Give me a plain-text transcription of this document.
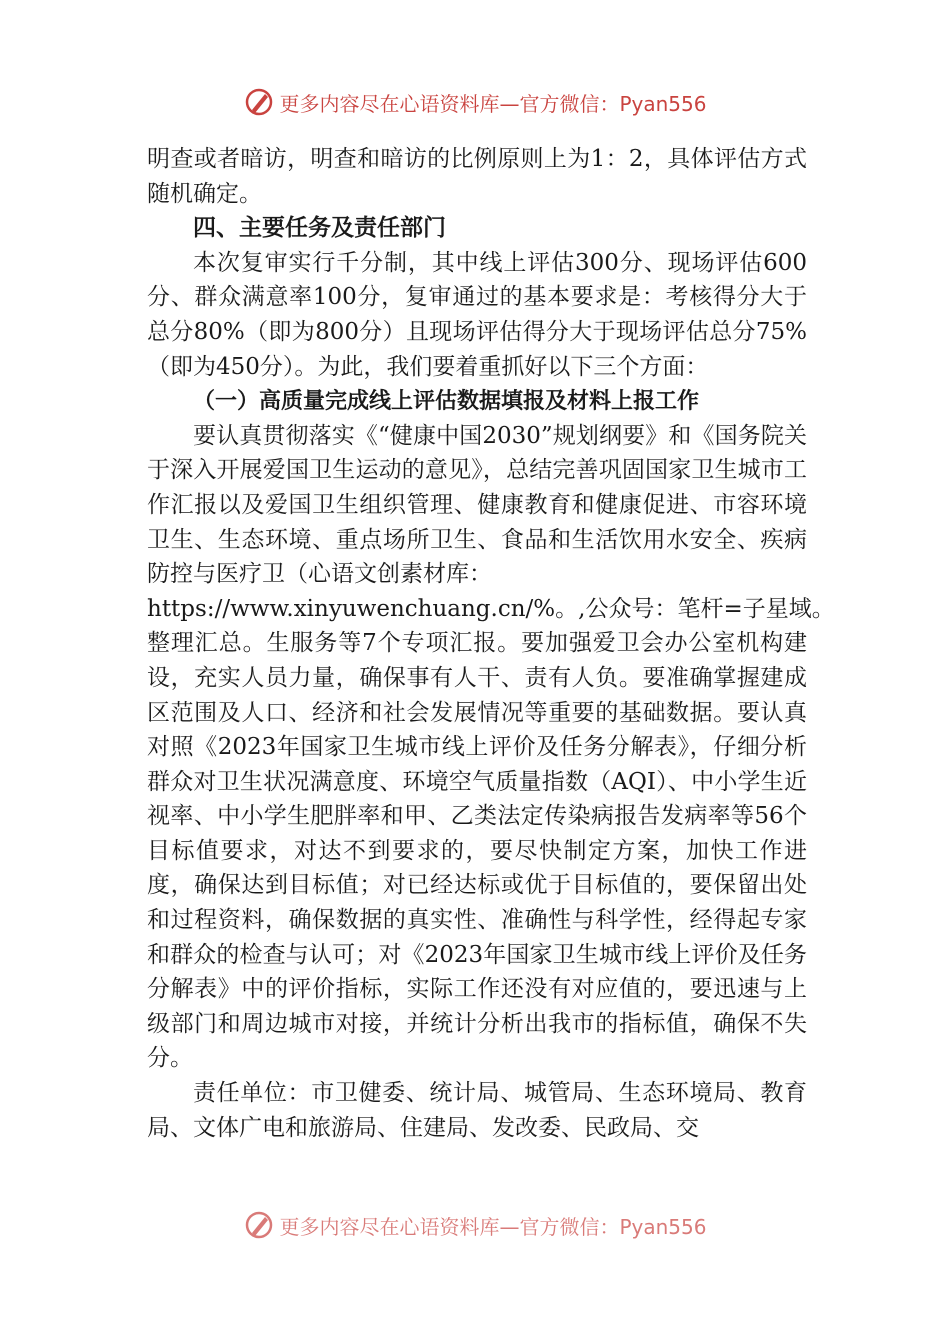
更多内容尽在心语资料库—官方微信：Pyan556

明查或者暗访，明查和暗访的比例原则上为1：2，具体评估方式随机确定。

四、主要任务及责任部门

本次复审实行千分制，其中线上评估300分、现场评估600分、群众满意率100分，复审通过的基本要求是：考核得分大于总分80%（即为800分）且现场评估得分大于现场评估总分75%（即为450分）。为此，我们要着重抓好以下三个方面：

（一）高质量完成线上评估数据填报及材料上报工作

要认真贯彻落实《“健康中国2030”规划纲要》和《国务院关于深入开展爱国卫生运动的意见》，总结完善巩固国家卫生城市工作汇报以及爱国卫生组织管理、健康教育和健康促进、市容环境卫生、生态环境、重点场所卫生、食品和生活饮用水安全、疾病防控与医疗卫（心语文创素材库：

https://www.xinyuwenchuang.cn/%。,公众号：笔杆=子星域。

整理汇总。生服务等7个专项汇报。要加强爱卫会办公室机构建设，充实人员力量，确保事有人干、责有人负。要准确掌握建成区范围及人口、经济和社会发展情况等重要的基础数据。要认真对照《2023年国家卫生城市线上评价及任务分解表》，仔细分析群众对卫生状况满意度、环境空气质量指数（AQI）、中小学生近视率、中小学生肥胖率和甲、乙类法定传染病报告发病率等56个目标值要求，对达不到要求的，要尽快制定方案，加快工作进度，确保达到目标值；对已经达标或优于目标值的，要保留出处和过程资料，确保数据的真实性、准确性与科学性，经得起专家和群众的检查与认可；对《2023年国家卫生城市线上评价及任务分解表》中的评价指标，实际工作还没有对应值的，要迅速与上级部门和周边城市对接，并统计分析出我市的指标值，确保不失分。

责任单位：市卫健委、统计局、城管局、生态环境局、教育局、文体广电和旅游局、住建局、发改委、民政局、交

更多内容尽在心语资料库—官方微信：Pyan556
